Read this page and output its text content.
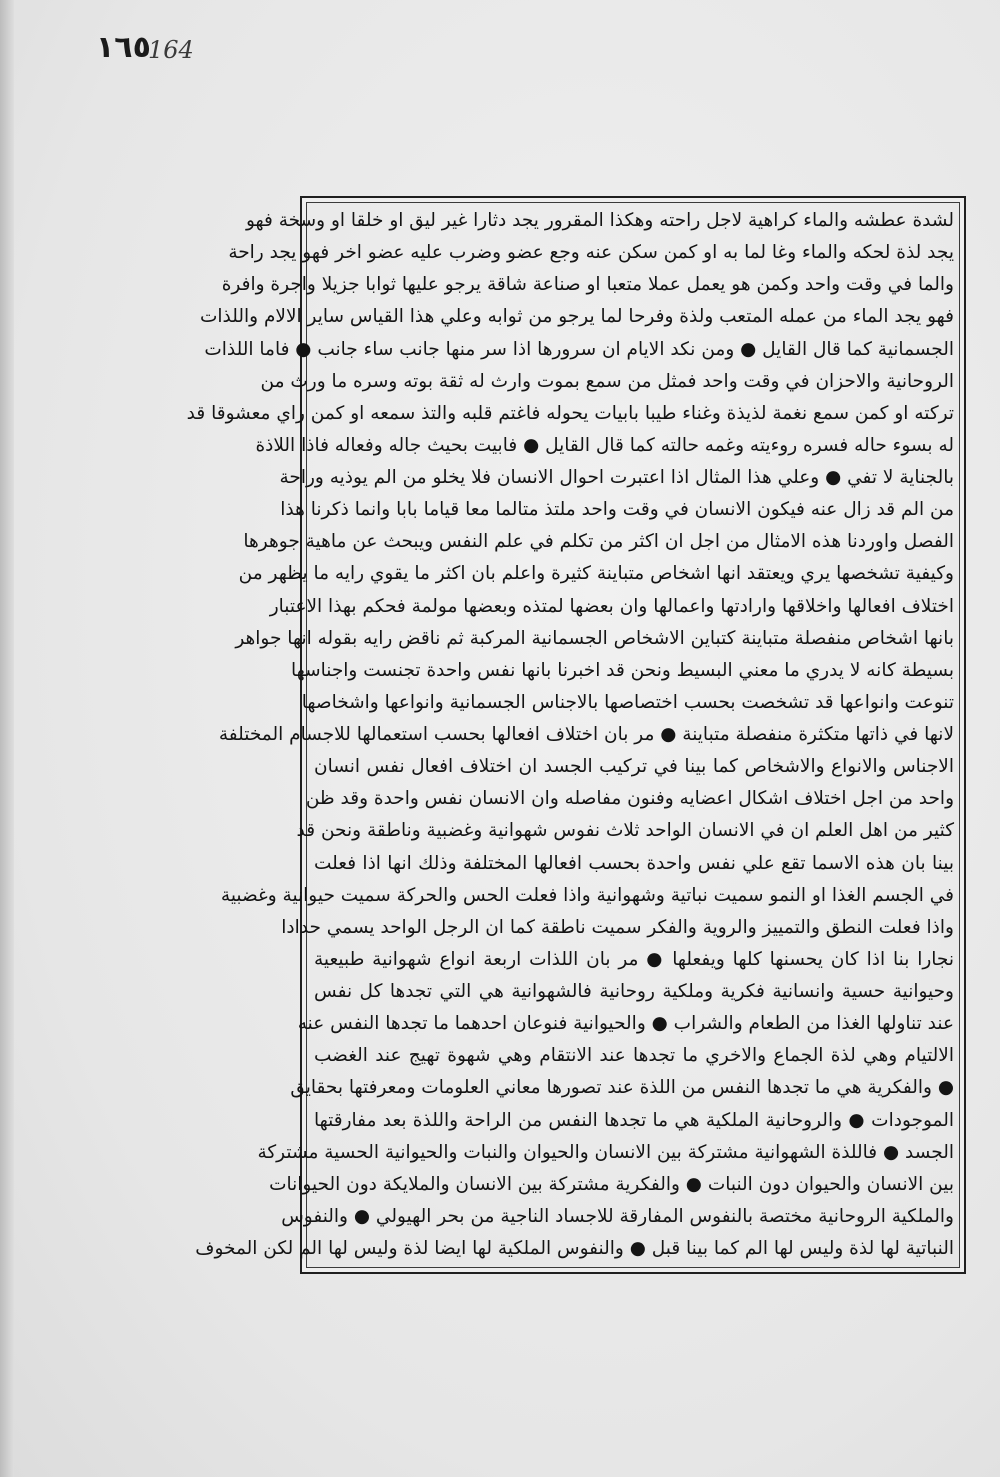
١٦٥
164
لشدة عطشه والماء كراهية لاجل راحته وهكذا المقرور يجد دثارا غير ليق او خلقا او وسخة فهو
يجد لذة لحكه والماء وغا لما به او كمن سكن عنه وجع عضو وضرب عليه عضو اخر فهو يجد راحة
والما في وقت واحد وكمن هو يعمل عملا متعبا او صناعة شاقة يرجو عليها ثوابا جزيلا واجرة وافرة
فهو يجد الماء من عمله المتعب ولذة وفرحا لما يرجو من ثوابه وعلي هذا القياس ساير الالام واللذات
الجسمانية كما قال القايل ● ومن نكد الايام ان سرورها اذا سر منها جانب ساء جانب ● فاما اللذات
الروحانية والاحزان في وقت واحد فمثل من سمع بموت وارث له ثقة بوته وسره ما ورث من
تركته او كمن سمع نغمة لذيذة وغناء طيبا بابيات يحوله فاغتم قلبه والتذ سمعه او كمن راي معشوقا قد
له بسوء حاله فسره روءيته وغمه حالته كما قال القايل ● فابيت بحيث جاله وفعاله فاذا اللاذة
بالجناية لا تفي ● وعلي هذا المثال اذا اعتبرت احوال الانسان فلا يخلو من الم يوذيه وراحة
من الم قد زال عنه فيكون الانسان في وقت واحد ملتذ متالما معا قياما بابا وانما ذكرنا هذا
الفصل واوردنا هذه الامثال من اجل ان اكثر من تكلم في علم النفس ويبحث عن ماهية جوهرها
وكيفية تشخصها يري ويعتقد انها اشخاص متباينة كثيرة واعلم بان اكثر ما يقوي رايه ما يظهر من
اختلاف افعالها واخلاقها وارادتها واعمالها وان بعضها لمتذه وبعضها مولمة فحكم بهذا الاعتبار
بانها اشخاص منفصلة متباينة كتباين الاشخاص الجسمانية المركبة ثم ناقض رايه بقوله انها جواهر
بسيطة كانه لا يدري ما معني البسيط ونحن قد اخبرنا بانها نفس واحدة تجنست واجناسها
تنوعت وانواعها قد تشخصت بحسب اختصاصها بالاجناس الجسمانية وانواعها واشخاصها
لانها في ذاتها متكثرة منفصلة متباينة ● مر بان اختلاف افعالها بحسب استعمالها للاجسام المختلفة
الاجناس والانواع والاشخاص كما بينا في تركيب الجسد ان اختلاف افعال نفس انسان
واحد من اجل اختلاف اشكال اعضايه وفنون مفاصله وان الانسان نفس واحدة وقد ظن
كثير من اهل العلم ان في الانسان الواحد ثلاث نفوس شهوانية وغضبية وناطقة ونحن قد
بينا بان هذه الاسما تقع علي نفس واحدة بحسب افعالها المختلفة وذلك انها اذا فعلت
في الجسم الغذا او النمو سميت نباتية وشهوانية واذا فعلت الحس والحركة سميت حيوانية وغضبية
واذا فعلت النطق والتمييز والروية والفكر سميت ناطقة كما ان الرجل الواحد يسمي حدادا
نجارا بنا اذا كان يحسنها كلها ويفعلها ● مر بان اللذات اربعة انواع شهوانية طبيعية
وحيوانية حسية وانسانية فكرية وملكية روحانية فالشهوانية هي التي تجدها كل نفس
عند تناولها الغذا من الطعام والشراب ● والحيوانية فنوعان احدهما ما تجدها النفس عنه
الالتيام وهي لذة الجماع والاخري ما تجدها عند الانتقام وهي شهوة تهيج عند الغضب
● والفكرية هي ما تجدها النفس من اللذة عند تصورها معاني العلومات ومعرفتها بحقايق
الموجودات ● والروحانية الملكية هي ما تجدها النفس من الراحة واللذة بعد مفارقتها
الجسد ● فاللذة الشهوانية مشتركة بين الانسان والحيوان والنبات والحيوانية الحسية مشتركة
بين الانسان والحيوان دون النبات ● والفكرية مشتركة بين الانسان والملايكة دون الحيوانات
والملكية الروحانية مختصة بالنفوس المفارقة للاجساد الناجية من بحر الهيولي ● والنفوس
النباتية لها لذة وليس لها الم كما بينا قبل ● والنفوس الملكية لها ايضا لذة وليس لها الم لكن المخوف
